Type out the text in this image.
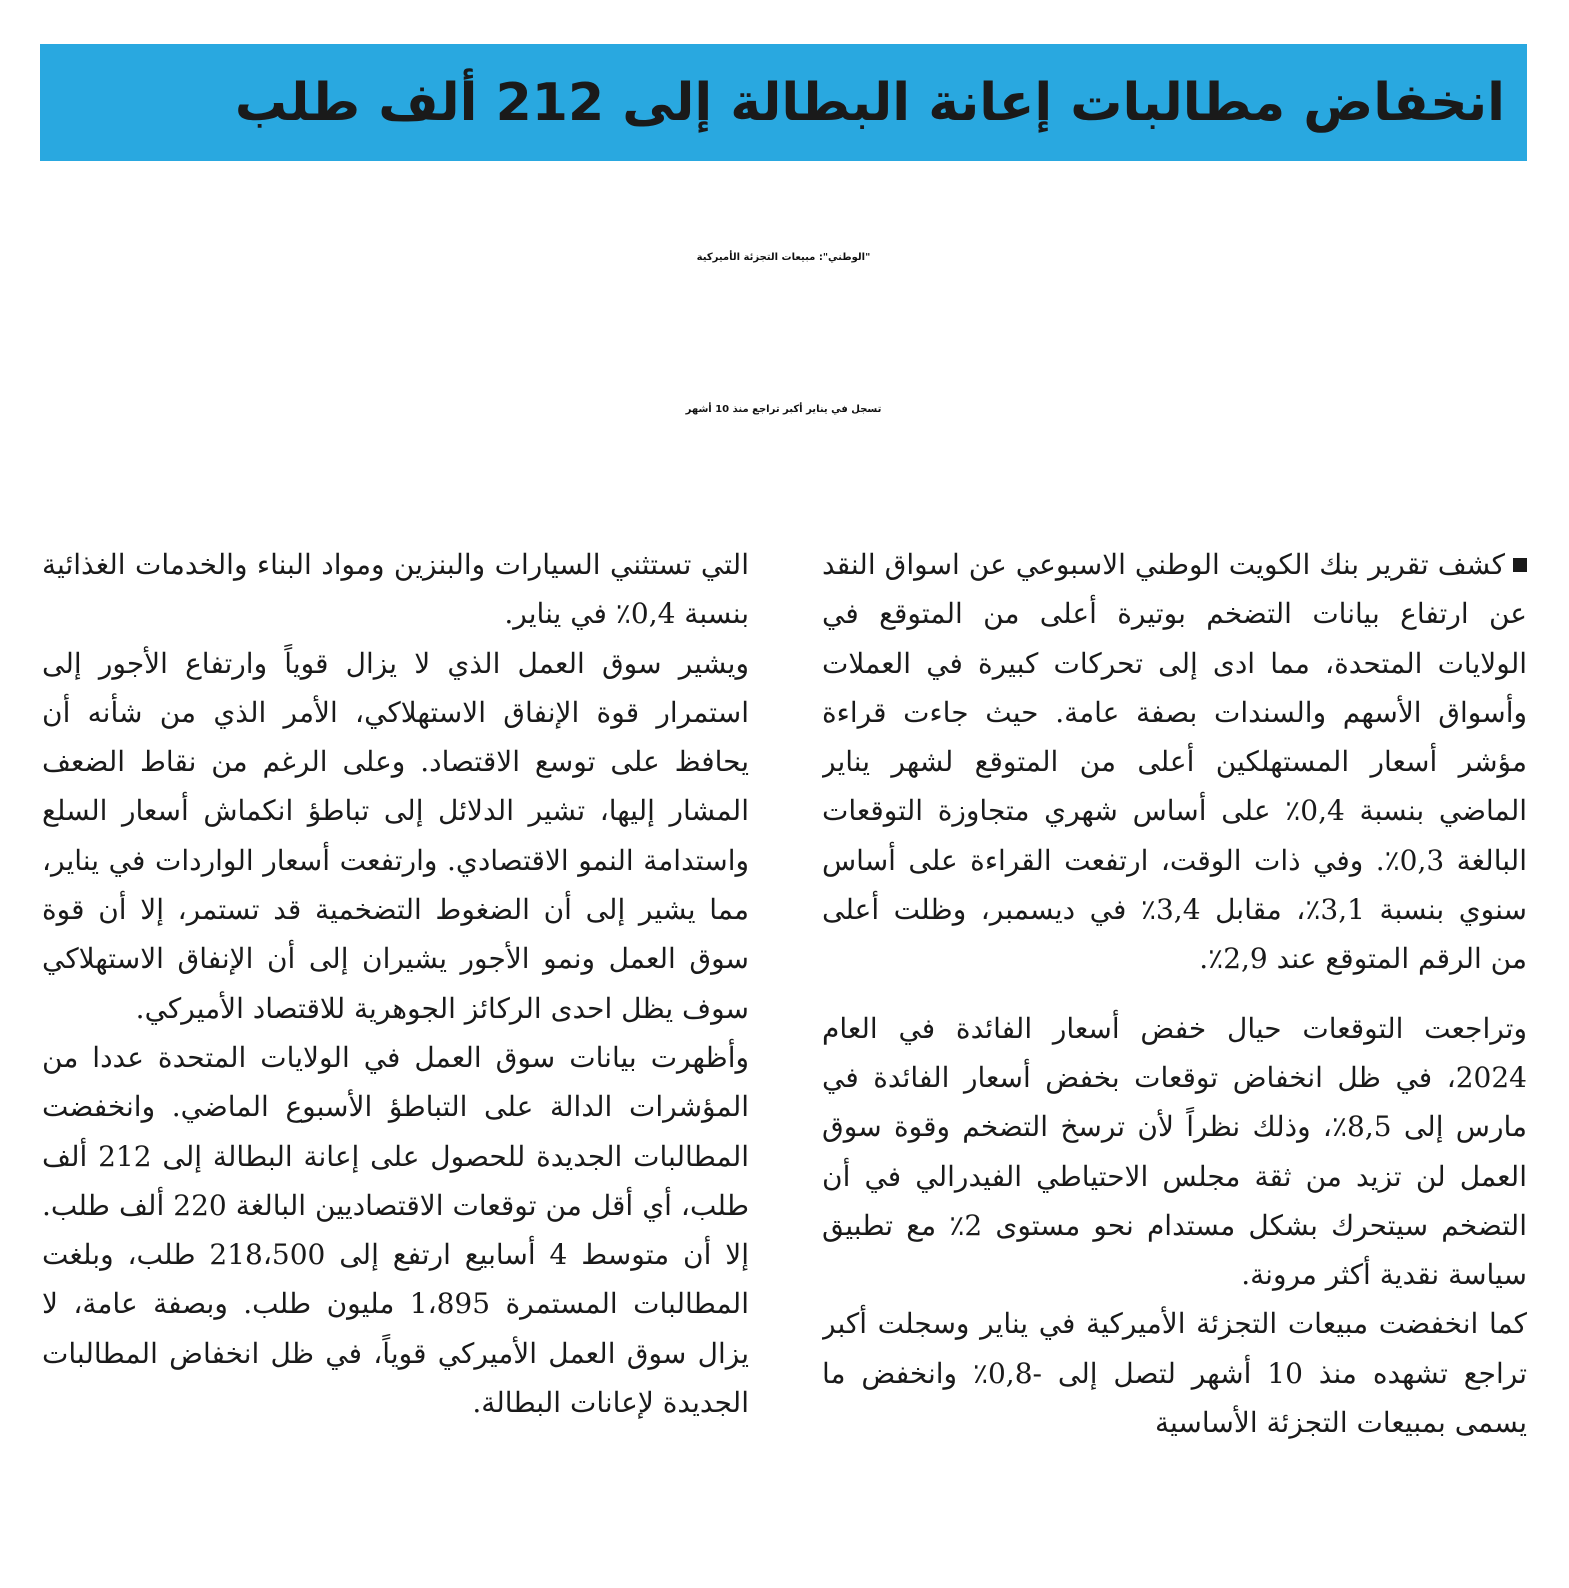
انخفاض مطالبات إعانة البطالة إلى 212 ألف طلب
"الوطني": مبيعات التجزئة الأميركية
تسجل في يناير أكبر تراجع منذ 10 أشهر

كشف تقرير بنك الكويت الوطني الاسبوعي عن اسواق النقد عن ارتفاع بيانات التضخم بوتيرة أعلى من المتوقع في الولايات المتحدة، مما ادى إلى تحركات كبيرة في العملات وأسواق الأسهم والسندات بصفة عامة. حيث جاءت قراءة مؤشر أسعار المستهلكين أعلى من المتوقع لشهر يناير الماضي بنسبة 0,4٪ على أساس شهري متجاوزة التوقعات البالغة 0,3٪. وفي ذات الوقت، ارتفعت القراءة على أساس سنوي بنسبة 3,1٪، مقابل 3,4٪ في ديسمبر، وظلت أعلى من الرقم المتوقع عند 2,9٪.

وتراجعت التوقعات حيال خفض أسعار الفائدة في العام 2024، في ظل انخفاض توقعات بخفض أسعار الفائدة في مارس إلى 8,5٪، وذلك نظراً لأن ترسخ التضخم وقوة سوق العمل لن تزيد من ثقة مجلس الاحتياطي الفيدرالي في أن التضخم سيتحرك بشكل مستدام نحو مستوى 2٪ مع تطبيق سياسة نقدية أكثر مرونة.

كما انخفضت مبيعات التجزئة الأميركية في يناير وسجلت أكبر تراجع تشهده منذ 10 أشهر لتصل إلى -0,8٪ وانخفض ما يسمى بمبيعات التجزئة الأساسية

التي تستثني السيارات والبنزين ومواد البناء والخدمات الغذائية بنسبة 0,4٪ في يناير.

ويشير سوق العمل الذي لا يزال قوياً وارتفاع الأجور إلى استمرار قوة الإنفاق الاستهلاكي، الأمر الذي من شأنه أن يحافظ على توسع الاقتصاد. وعلى الرغم من نقاط الضعف المشار إليها، تشير الدلائل إلى تباطؤ انكماش أسعار السلع واستدامة النمو الاقتصادي. وارتفعت أسعار الواردات في يناير، مما يشير إلى أن الضغوط التضخمية قد تستمر، إلا أن قوة سوق العمل ونمو الأجور يشيران إلى أن الإنفاق الاستهلاكي سوف يظل احدى الركائز الجوهرية للاقتصاد الأميركي.

وأظهرت بيانات سوق العمل في الولايات المتحدة عددا من المؤشرات الدالة على التباطؤ الأسبوع الماضي. وانخفضت المطالبات الجديدة للحصول على إعانة البطالة إلى 212 ألف طلب، أي أقل من توقعات الاقتصاديين البالغة 220 ألف طلب. إلا أن متوسط 4 أسابيع ارتفع إلى 218،500 طلب، وبلغت المطالبات المستمرة 1،895 مليون طلب. وبصفة عامة، لا يزال سوق العمل الأميركي قوياً، في ظل انخفاض المطالبات الجديدة لإعانات البطالة.
